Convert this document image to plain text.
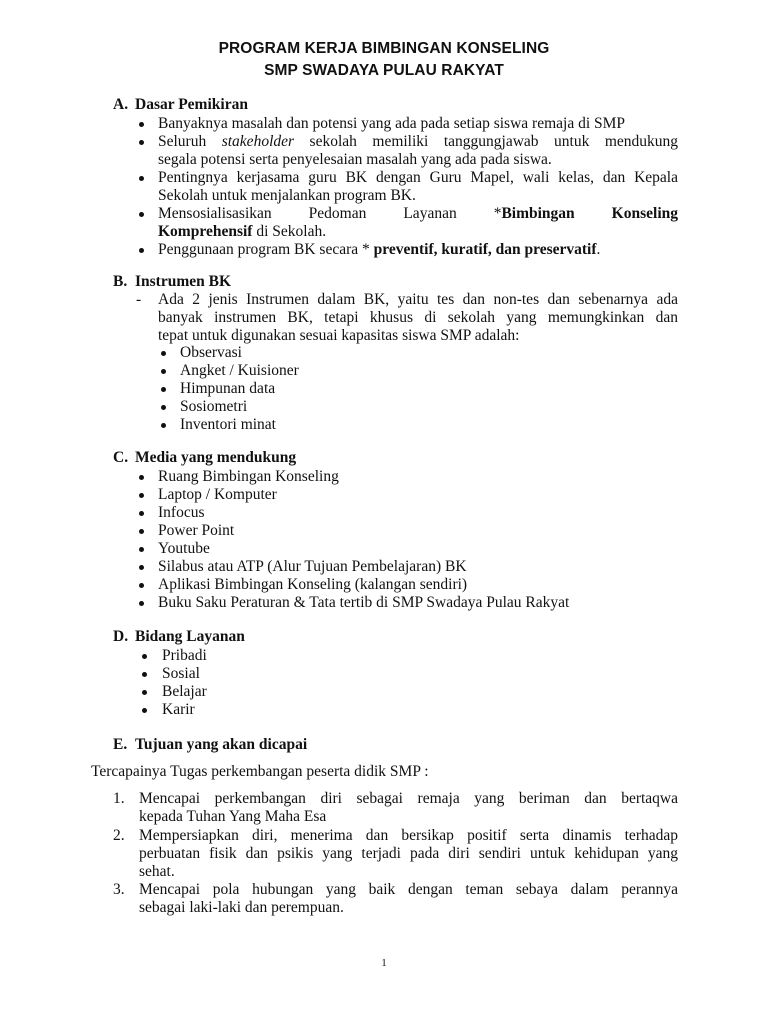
PROGRAM KERJA BIMBINGAN KONSELING
SMP SWADAYA PULAU RAKYAT
A. Dasar Pemikiran
Banyaknya masalah dan potensi yang ada pada setiap siswa remaja di SMP
Seluruh stakeholder sekolah memiliki tanggungjawab untuk mendukung
segala potensi serta penyelesaian masalah yang ada pada siswa.
Pentingnya kerjasama guru BK dengan Guru Mapel, wali kelas, dan Kepala
Sekolah untuk menjalankan program BK.
Mensosialisasikan   Pedoman   Layanan   *Bimbingan   Konseling
Komprehensif di Sekolah.
Penggunaan program BK secara * preventif, kuratif, dan preservatif.
B. Instrumen BK
- Ada 2 jenis Instrumen dalam BK, yaitu tes dan non-tes dan sebenarnya ada
banyak instrumen BK, tetapi khusus di sekolah yang memungkinkan dan
tepat untuk digunakan sesuai kapasitas siswa SMP adalah:
Observasi
Angket / Kuisioner
Himpunan data
Sosiometri
Inventori minat
C. Media yang mendukung
Ruang Bimbingan Konseling
Laptop / Komputer
Infocus
Power Point
Youtube
Silabus atau ATP (Alur Tujuan Pembelajaran) BK
Aplikasi Bimbingan Konseling (kalangan sendiri)
Buku Saku Peraturan & Tata tertib di SMP Swadaya Pulau Rakyat
D. Bidang Layanan
Pribadi
Sosial
Belajar
Karir
E. Tujuan yang akan dicapai
Tercapainya Tugas perkembangan peserta didik SMP :
1. Mencapai perkembangan diri sebagai remaja yang beriman dan bertaqwa
kepada Tuhan Yang Maha Esa
2. Mempersiapkan diri, menerima dan bersikap positif serta dinamis terhadap
perbuatan fisik dan psikis yang terjadi pada diri sendiri untuk kehidupan yang
sehat.
3. Mencapai pola hubungan yang baik dengan teman sebaya dalam perannya
sebagai laki-laki dan perempuan.
1
